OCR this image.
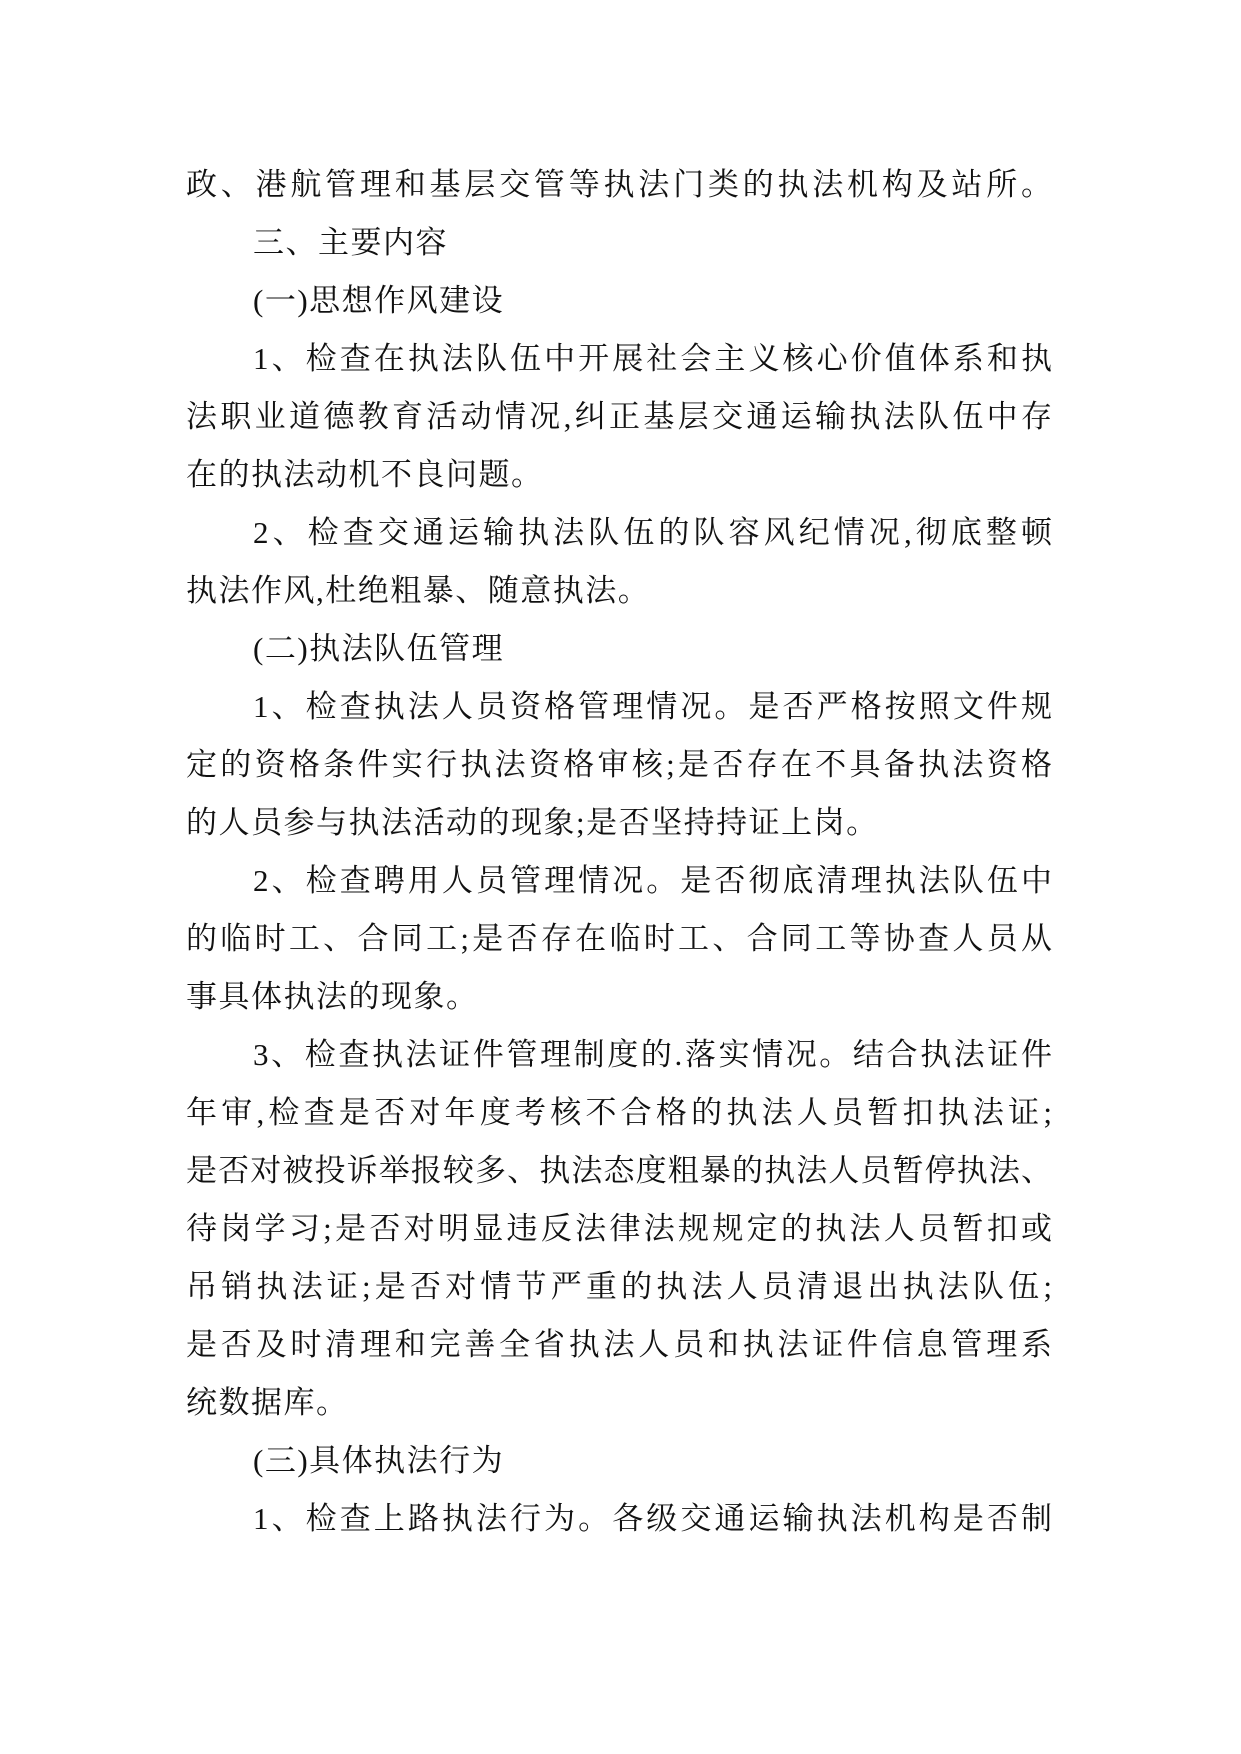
政、港航管理和基层交管等执法门类的执法机构及站所。
三、主要内容
(一)思想作风建设
1、检查在执法队伍中开展社会主义核心价值体系和执
法职业道德教育活动情况,纠正基层交通运输执法队伍中存
在的执法动机不良问题。
2、检查交通运输执法队伍的队容风纪情况,彻底整顿
执法作风,杜绝粗暴、随意执法。
(二)执法队伍管理
1、检查执法人员资格管理情况。是否严格按照文件规
定的资格条件实行执法资格审核;是否存在不具备执法资格
的人员参与执法活动的现象;是否坚持持证上岗。
2、检查聘用人员管理情况。是否彻底清理执法队伍中
的临时工、合同工;是否存在临时工、合同工等协查人员从
事具体执法的现象。
3、检查执法证件管理制度的.落实情况。结合执法证件
年审,检查是否对年度考核不合格的执法人员暂扣执法证;
是否对被投诉举报较多、执法态度粗暴的执法人员暂停执法、
待岗学习;是否对明显违反法律法规规定的执法人员暂扣或
吊销执法证;是否对情节严重的执法人员清退出执法队伍;
是否及时清理和完善全省执法人员和执法证件信息管理系
统数据库。
(三)具体执法行为
1、检查上路执法行为。各级交通运输执法机构是否制
